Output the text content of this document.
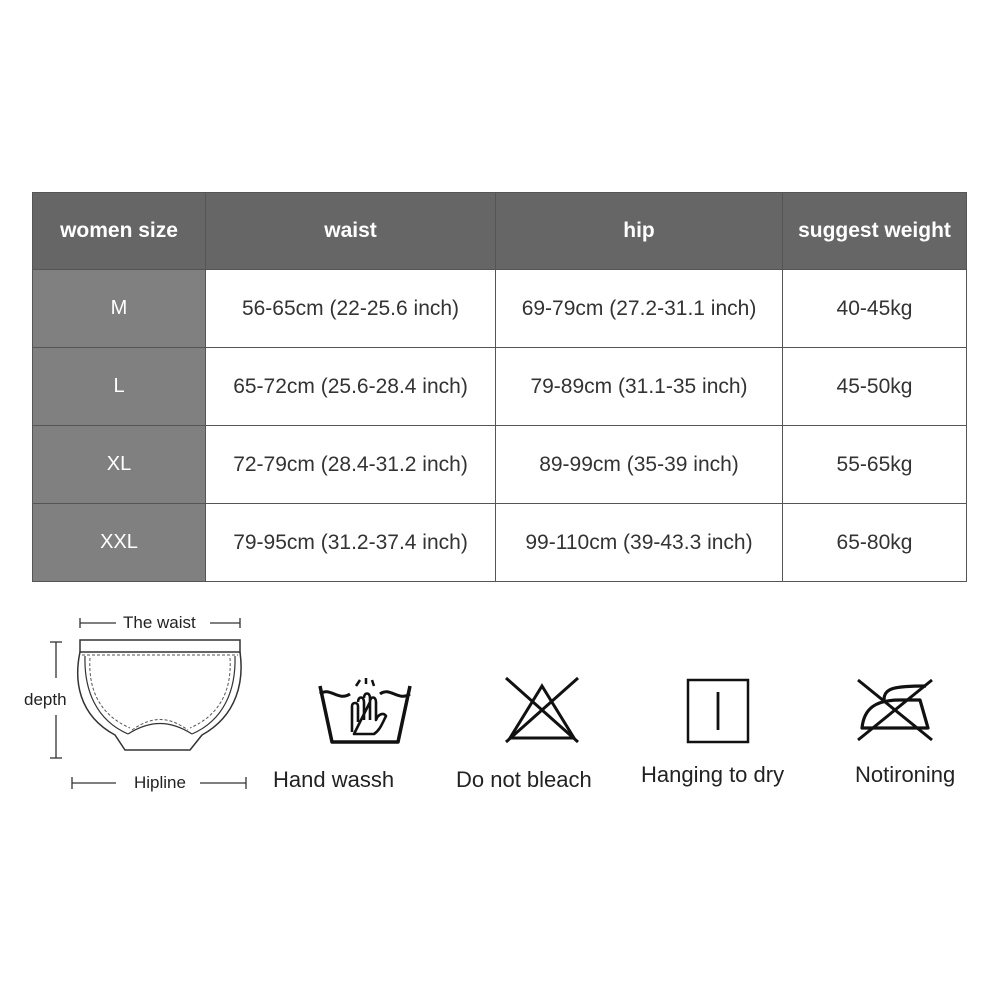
women size	waist	hip	suggest weight
M	56-65cm (22-25.6 inch)	69-79cm (27.2-31.1 inch)	40-45kg
L	65-72cm (25.6-28.4 inch)	79-89cm (31.1-35 inch)	45-50kg
XL	72-79cm (28.4-31.2 inch)	89-99cm (35-39 inch)	55-65kg
XXL	79-95cm (31.2-37.4 inch)	99-110cm (39-43.3 inch)	65-80kg
The waist
depth
Hipline	Hand wassh	Do not bleach Hanging to dry	Notironing
